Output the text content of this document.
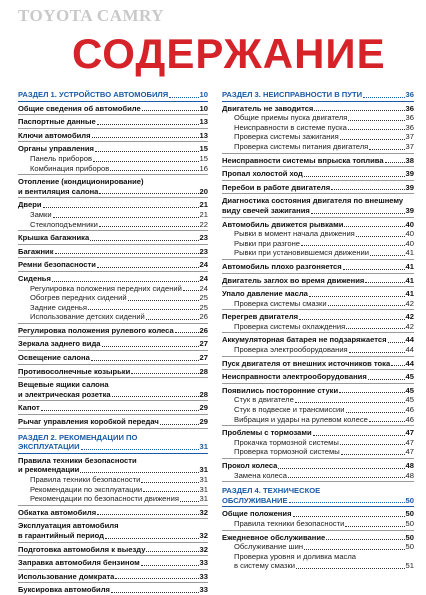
TOYOTA CAMRY
СОДЕРЖАНИЕ
РАЗДЕЛ 1. УСТРОЙСТВО АВТОМОБИЛЯ	10
Общие сведения об автомобиле	10
Паспортные данные	13
Ключи автомобиля	13
Органы управления	15
Панель приборов	15
Комбинация приборов	16
Отопление (кондиционирование)
и вентиляция салона	20
Двери	21
Замки	21
Стеклоподъемники	22
Крышка багажника	23
Багажник	23
Ремни безопасности	24
Сиденья	24
Регулировка положения передних сидений 24
Обогрев передних сидений	25
Задние сиденья	25
Использование детских сидений	26
Регулировка положения рулевого колеса	26
Зеркала заднего вида	27
Освещение салона	27
Противосолнечные козырьки	28
Вещевые ящики салона
и электрическая розетка	28
Капот	29
Рычаг управления коробкой передач	29
РАЗДЕЛ 2. РЕКОМЕНДАЦИИ ПО
ЭКСПЛУАТАЦИИ	31
Правила техники безопасности
и рекомендации	31
Правила техники безопасности	31
Рекомендации по эксплуатации	31
Рекомендации по безопасности движения	31
Обкатка автомобиля	32
Эксплуатация автомобиля
в гарантийный период	32
Подготовка автомобиля к выезду	32
Заправка автомобиля бензином	33
Использование домкрата	33
Буксировка автомобиля	33
РАЗДЕЛ 3. НЕИСПРАВНОСТИ В ПУТИ	36
Двигатель не заводится	36
Общие приемы пуска двигателя	36
Неисправности в системе пуска	36
Проверка системы зажигания	37
Проверка системы питания двигателя	37
Неисправности системы впрыска топлива	38
Пропал холостой ход	39
Перебои в работе двигателя	39
Диагностика состояния двигателя по внешнему
виду свечей зажигания	39
Автомобиль движется рывками	40
Рывки в момент начала движения	40
Рывки при разгоне	40
Рывки при установившемся движении	41
Автомобиль плохо разгоняется	41
Двигатель заглох во время движения	41
Упало давление масла	41
Проверка системы смазки	42
Перегрев двигателя	42
Проверка системы охлаждения	42
Аккумуляторная батарея не подзаряжается	44
Проверка электрооборудования	44
Пуск двигателя от внешних источников тока 44
Неисправности электрооборудования	45
Появились посторонние стуки	45
Стук в двигателе	45
Стук в подвеске и трансмиссии	46
Вибрация и удары на рулевом колесе	46
Проблемы с тормозами	47
Прокачка тормозной системы	47
Проверка тормозной системы	47
Прокол колеса	48
Замена колеса	48
РАЗДЕЛ 4. ТЕХНИЧЕСКОЕ
ОБСЛУЖИВАНИЕ	50
Общие положения	50
Правила техники безопасности	50
Ежедневное обслуживание	50
Обслуживание шин	50
Проверка уровня и доливка масла
в систему смазки	51
